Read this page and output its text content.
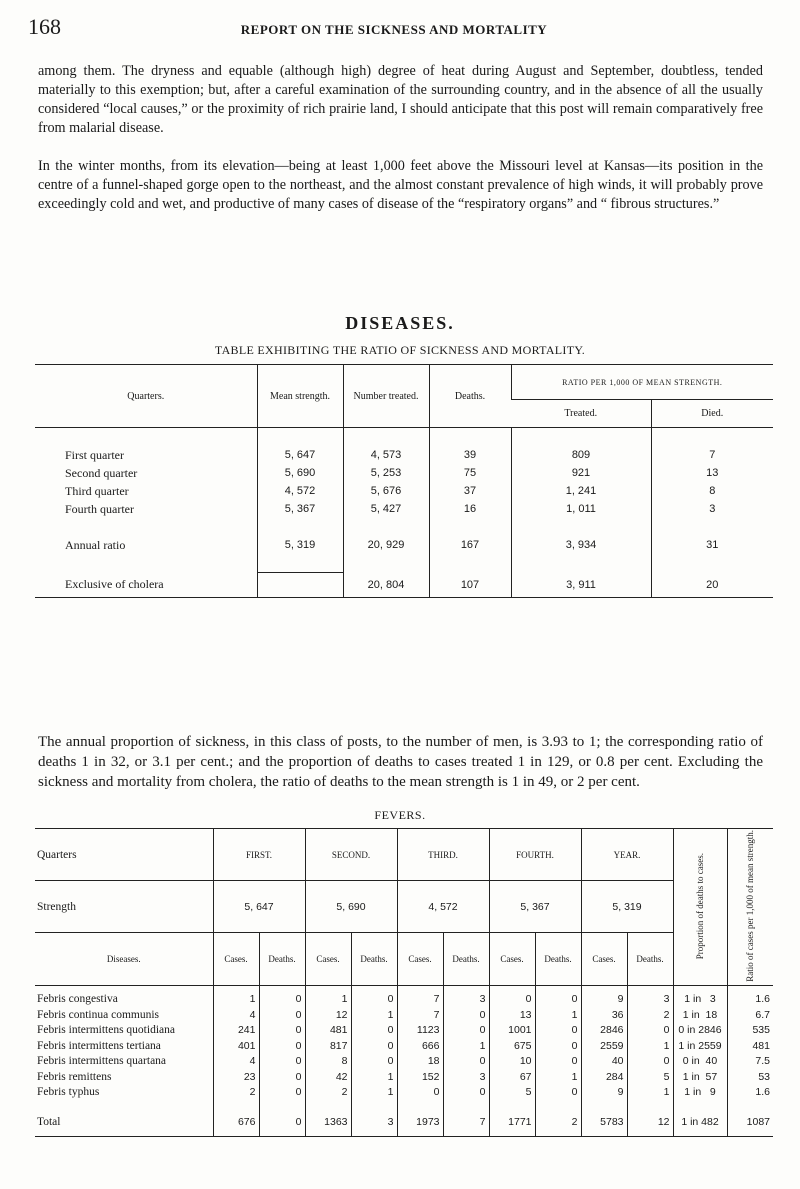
168	REPORT ON THE SICKNESS AND MORTALITY

among them. The dryness and equable (although high) degree of heat during August and September, doubtless, tended materially to this exemption; but, after a careful examination of the surrounding country, and in the absence of all the usually considered “local causes,” or the proximity of rich prairie land, I should anticipate that this post will remain comparatively free from malarial disease.

In the winter months, from its elevation—being at least 1,000 feet above the Missouri level at Kansas—its position in the centre of a funnel-shaped gorge open to the northeast, and the almost constant prevalence of high winds, it will probably prove exceedingly cold and wet, and productive of many cases of disease of the “respiratory organs” and “ fibrous structures.”

DISEASES.
TABLE EXHIBITING THE RATIO OF SICKNESS AND MORTALITY.
Quarters.	Mean strength.	Number treated.	Deaths.	RATIO PER 1,000 OF MEAN STRENGTH.	
				Treated.	Died.

First quarter	5, 647	4, 573	39	809	7
Second quarter	5, 690	5, 253	75	921	13
Third quarter	4, 572	5, 676	37	1, 241	8
Fourth quarter	5, 367	5, 427	16	1, 011	3

Annual ratio	5, 319	20, 929	167	3, 934	31

Exclusive of cholera		20, 804	107	3, 911	20

The annual proportion of sickness, in this class of posts, to the number of men, is 3.93 to 1; the corresponding ratio of deaths 1 in 32, or 3.1 per cent.; and the proportion of deaths to cases treated 1 in 129, or 0.8 per cent. Excluding the sickness and mortality from cholera, the ratio of deaths to the mean strength is 1 in 49, or 2 per cent.

FEVERS.
Quarters	FIRST.		SECOND.		THIRD.		FOURTH.		YEAR.		Proportion of deaths to cases.	Ratio of cases per 1,000 of mean strength.
Strength	5, 647		5, 690		4, 572		5, 367		5, 319			
Diseases.	Cases.	Deaths.	Cases.	Deaths.	Cases.	Deaths.	Cases.	Deaths.	Cases.	Deaths.		

Febris congestiva	1	0	1	0	7	3	0	0	9	3	1 in   3	1.6
Febris continua communis	4	0	12	1	7	0	13	1	36	2	1 in  18	6.7
Febris intermittens quotidiana	241	0	481	0	1123	0	1001	0	2846	0	0 in 2846	535
Febris intermittens tertiana	401	0	817	0	666	1	675	0	2559	1	1 in 2559	481
Febris intermittens quartana	4	0	8	0	18	0	10	0	40	0	0 in  40	7.5
Febris remittens	23	0	42	1	152	3	67	1	284	5	1 in  57	53
Febris typhus	2	0	2	1	0	0	5	0	9	1	1 in   9	1.6
Total	676	0	1363	3	1973	7	1771	2	5783	12	1 in 482	1087
